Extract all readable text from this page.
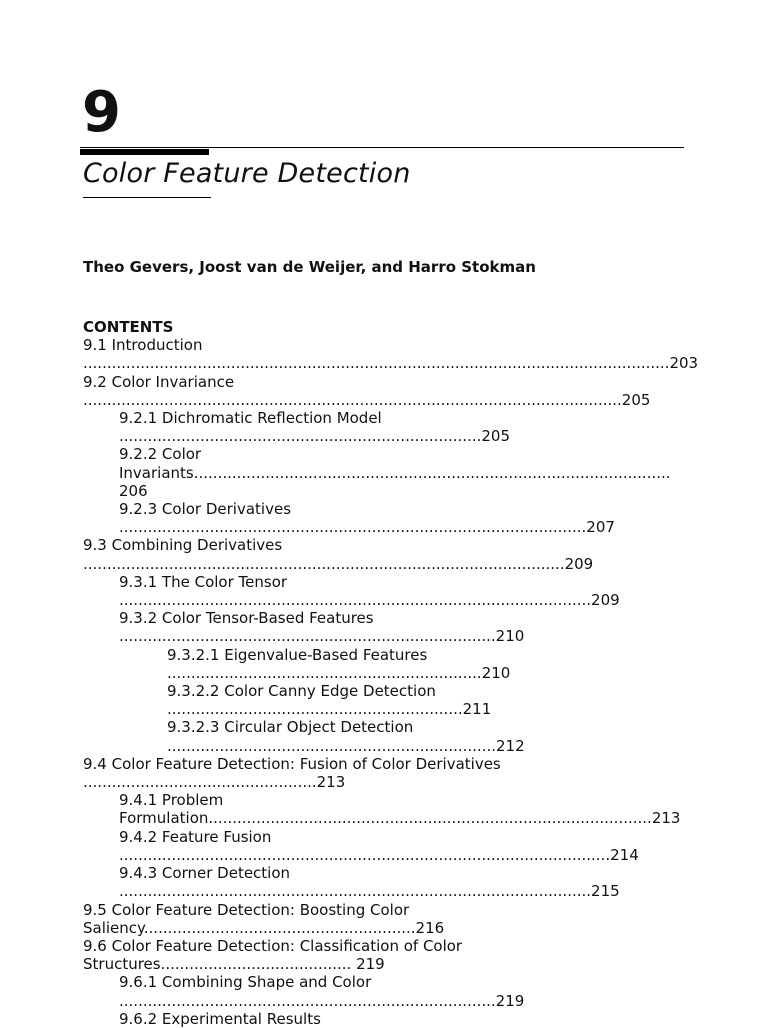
9
Color Feature Detection

Theo Gevers, Joost van de Weijer, and Harro Stokman

CONTENTS

9.1 Introduction
...........................................................................................................................203
9.2 Color Invariance
.................................................................................................................205
9.2.1 Dichromatic Reflection Model
............................................................................205
9.2.2 Color
Invariants....................................................................................................
206
9.2.3 Color Derivatives
..................................................................................................207
9.3 Combining Derivatives
.....................................................................................................209
9.3.1 The Color Tensor
...................................................................................................209
9.3.2 Color Tensor-Based Features
...............................................................................210
9.3.2.1 Eigenvalue-Based Features
..................................................................210
9.3.2.2 Color Canny Edge Detection
..............................................................211
9.3.2.3 Circular Object Detection
.....................................................................212
9.4 Color Feature Detection: Fusion of Color Derivatives
.................................................213
9.4.1 Problem
Formulation.............................................................................................213
9.4.2 Feature Fusion
.......................................................................................................214
9.4.3 Corner Detection
...................................................................................................215
9.5 Color Feature Detection: Boosting Color
Saliency.........................................................216
9.6 Color Feature Detection: Classification of Color
Structures........................................ 219
9.6.1 Combining Shape and Color
...............................................................................219
9.6.2 Experimental Results
